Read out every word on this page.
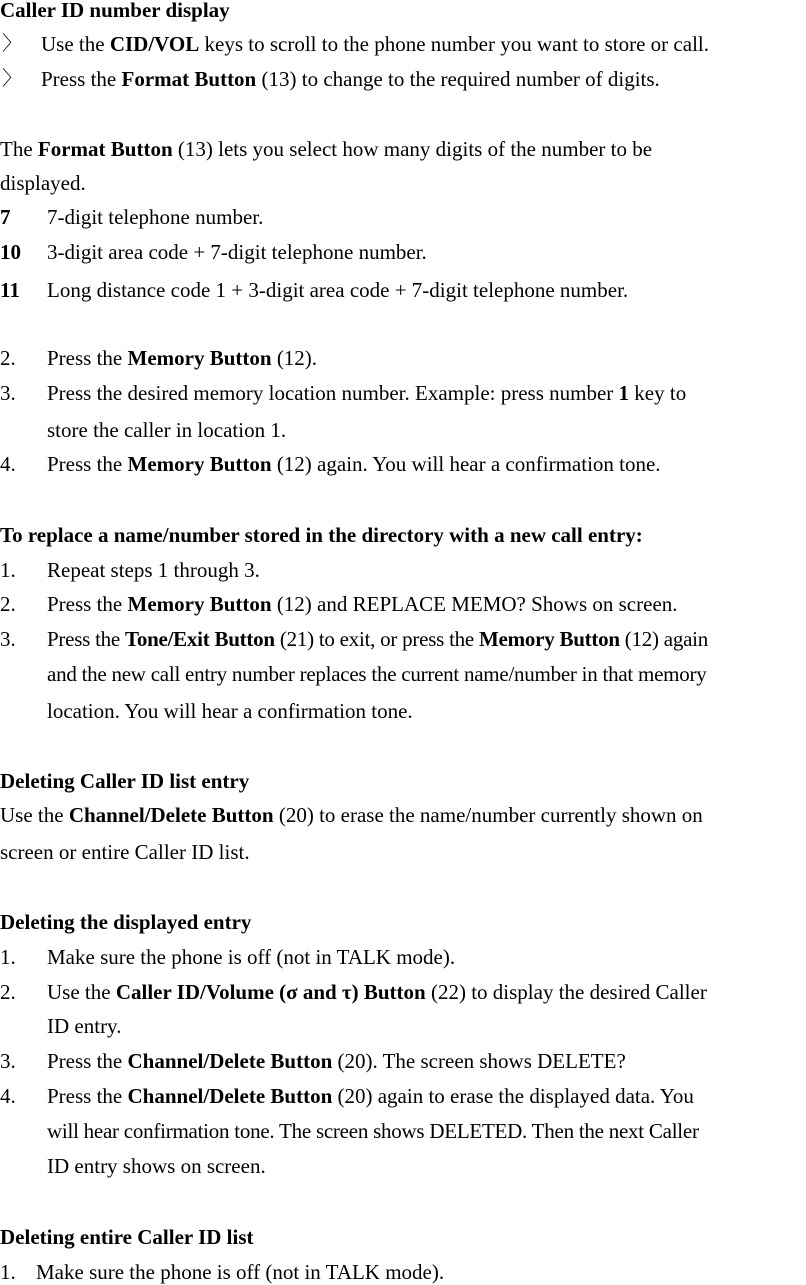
Caller ID number display
〉 Use the CID/VOL keys to scroll to the phone number you want to store or call.
〉 Press the Format Button (13) to change to the required number of digits.
The Format Button (13) lets you select how many digits of the number to be
displayed.
7 7-digit telephone number.
10 3-digit area code + 7-digit telephone number.
11 Long distance code 1 + 3-digit area code + 7-digit telephone number.
2. Press the Memory Button (12).
3. Press the desired memory location number. Example: press number 1 key to
store the caller in location 1.
4. Press the Memory Button (12) again. You will hear a confirmation tone.
To replace a name/number stored in the directory with a new call entry:
1. Repeat steps 1 through 3.
2. Press the Memory Button (12) and REPLACE MEMO? Shows on screen.
3. Press the Tone/Exit Button (21) to exit, or press the Memory Button (12) again
and the new call entry number replaces the current name/number in that memory
location. You will hear a confirmation tone.
Deleting Caller ID list entry
Use the Channel/Delete Button (20) to erase the name/number currently shown on
screen or entire Caller ID list.
Deleting the displayed entry
1. Make sure the phone is off (not in TALK mode).
2. Use the Caller ID/Volume (σ and τ) Button (22) to display the desired Caller
ID entry.
3. Press the Channel/Delete Button (20). The screen shows DELETE?
4. Press the Channel/Delete Button (20) again to erase the displayed data. You
will hear confirmation tone. The screen shows DELETED. Then the next Caller
ID entry shows on screen.
Deleting entire Caller ID list
1. Make sure the phone is off (not in TALK mode).
